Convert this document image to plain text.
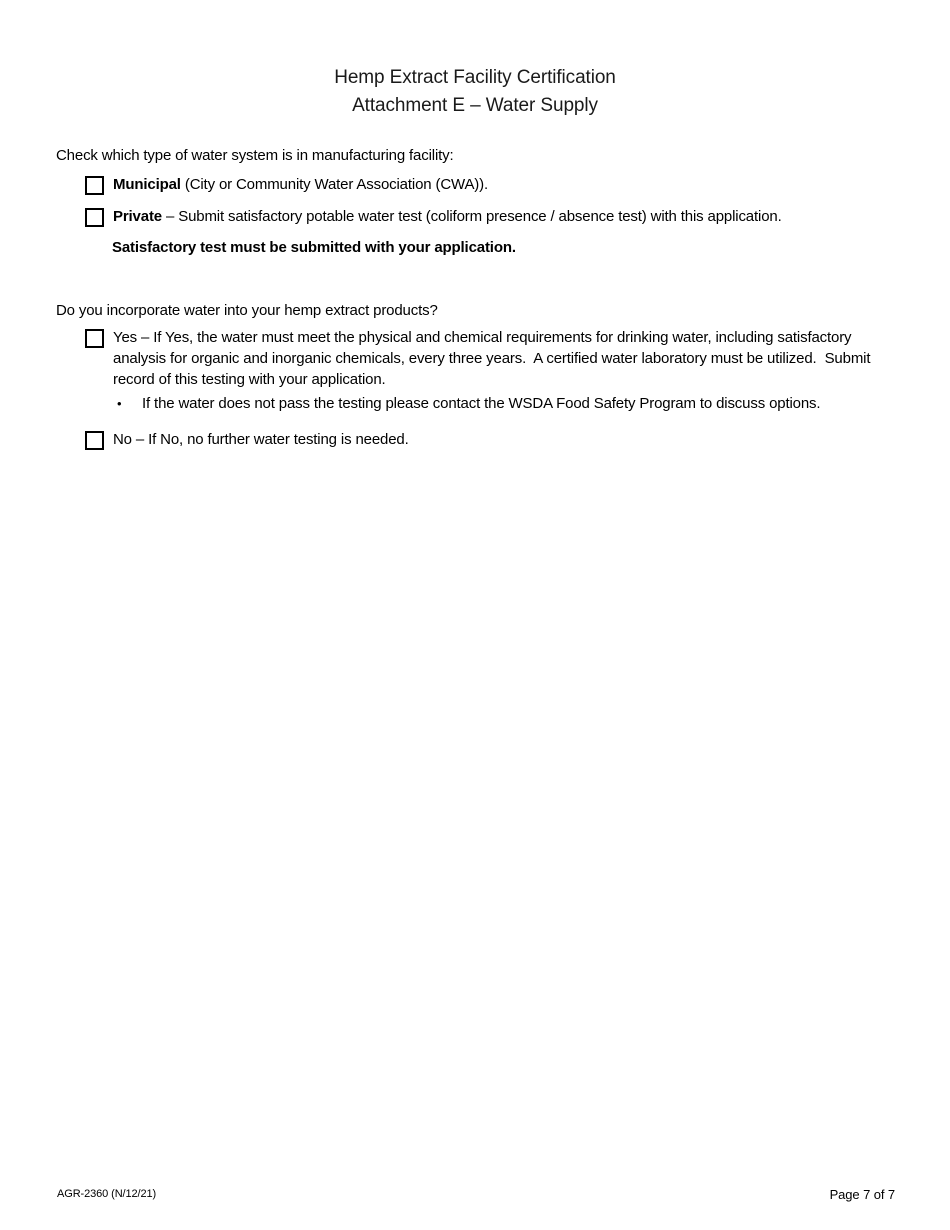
Hemp Extract Facility Certification
Attachment E – Water Supply
Check which type of water system is in manufacturing facility:
Municipal (City or Community Water Association (CWA)).
Private – Submit satisfactory potable water test (coliform presence / absence test) with this application.
Satisfactory test must be submitted with your application.
Do you incorporate water into your hemp extract products?
Yes – If Yes, the water must meet the physical and chemical requirements for drinking water, including satisfactory analysis for organic and inorganic chemicals, every three years.  A certified water laboratory must be utilized.  Submit record of this testing with your application.
•	If the water does not pass the testing please contact the WSDA Food Safety Program to discuss options.
No – If No, no further water testing is needed.
AGR-2360 (N/12/21)	Page 7 of 7
